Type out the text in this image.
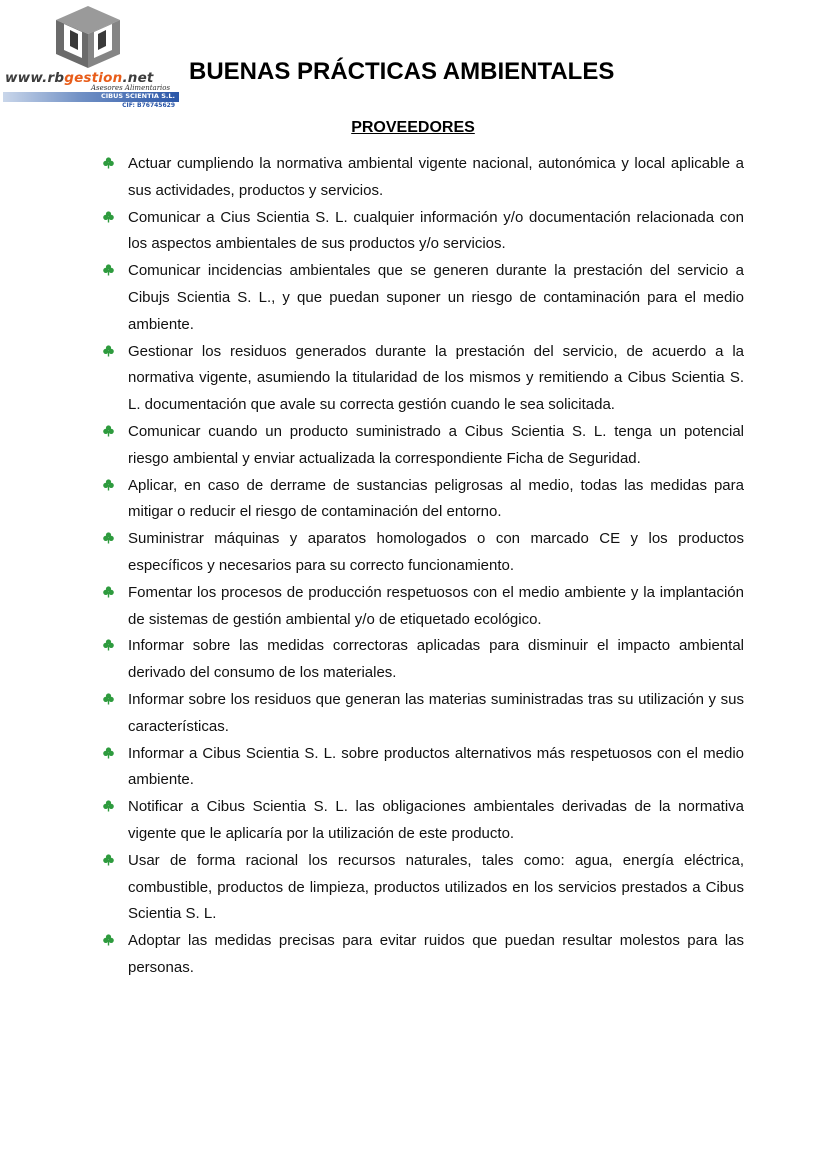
www.rbgestion.net
Asesores Alimentarios
CIBUS SCIENTIA S.L.
CIF: B76745629
BUENAS PRÁCTICAS AMBIENTALES
PROVEEDORES
Actuar cumpliendo la normativa ambiental vigente nacional, autonómica y local aplicable a sus actividades, productos y servicios.
Comunicar a Cius Scientia S. L. cualquier información y/o documentación relacionada con los aspectos ambientales de sus productos y/o servicios.
Comunicar incidencias ambientales que se generen durante la prestación del servicio a Cibujs Scientia S. L., y que puedan suponer un riesgo de contaminación para el medio ambiente.
Gestionar los residuos generados durante la prestación del servicio, de acuerdo a la normativa vigente, asumiendo la titularidad de los mismos y remitiendo a Cibus Scientia S. L. documentación que avale su correcta gestión cuando le sea solicitada.
Comunicar cuando un producto suministrado a Cibus Scientia S. L. tenga un potencial riesgo ambiental y enviar actualizada la correspondiente Ficha de Seguridad.
Aplicar, en caso de derrame de sustancias peligrosas al medio, todas las medidas para mitigar o reducir el riesgo de contaminación del entorno.
Suministrar máquinas y aparatos homologados o con marcado CE y los productos específicos y necesarios para su correcto funcionamiento.
Fomentar los procesos de producción respetuosos con el medio ambiente y la implantación de sistemas de gestión ambiental y/o de etiquetado ecológico.
Informar sobre las medidas correctoras aplicadas para disminuir el impacto ambiental derivado del consumo de los materiales.
Informar sobre los residuos que generan las materias suministradas tras su utilización y sus características.
Informar a Cibus Scientia S. L. sobre productos alternativos más respetuosos con el medio ambiente.
Notificar a Cibus Scientia S. L. las obligaciones ambientales derivadas de la normativa vigente que le aplicaría por la utilización de este producto.
Usar de forma racional los recursos naturales, tales como: agua, energía eléctrica, combustible, productos de limpieza, productos utilizados en los servicios prestados a Cibus Scientia S. L.
Adoptar las medidas precisas para evitar ruidos que puedan resultar molestos para las personas.
